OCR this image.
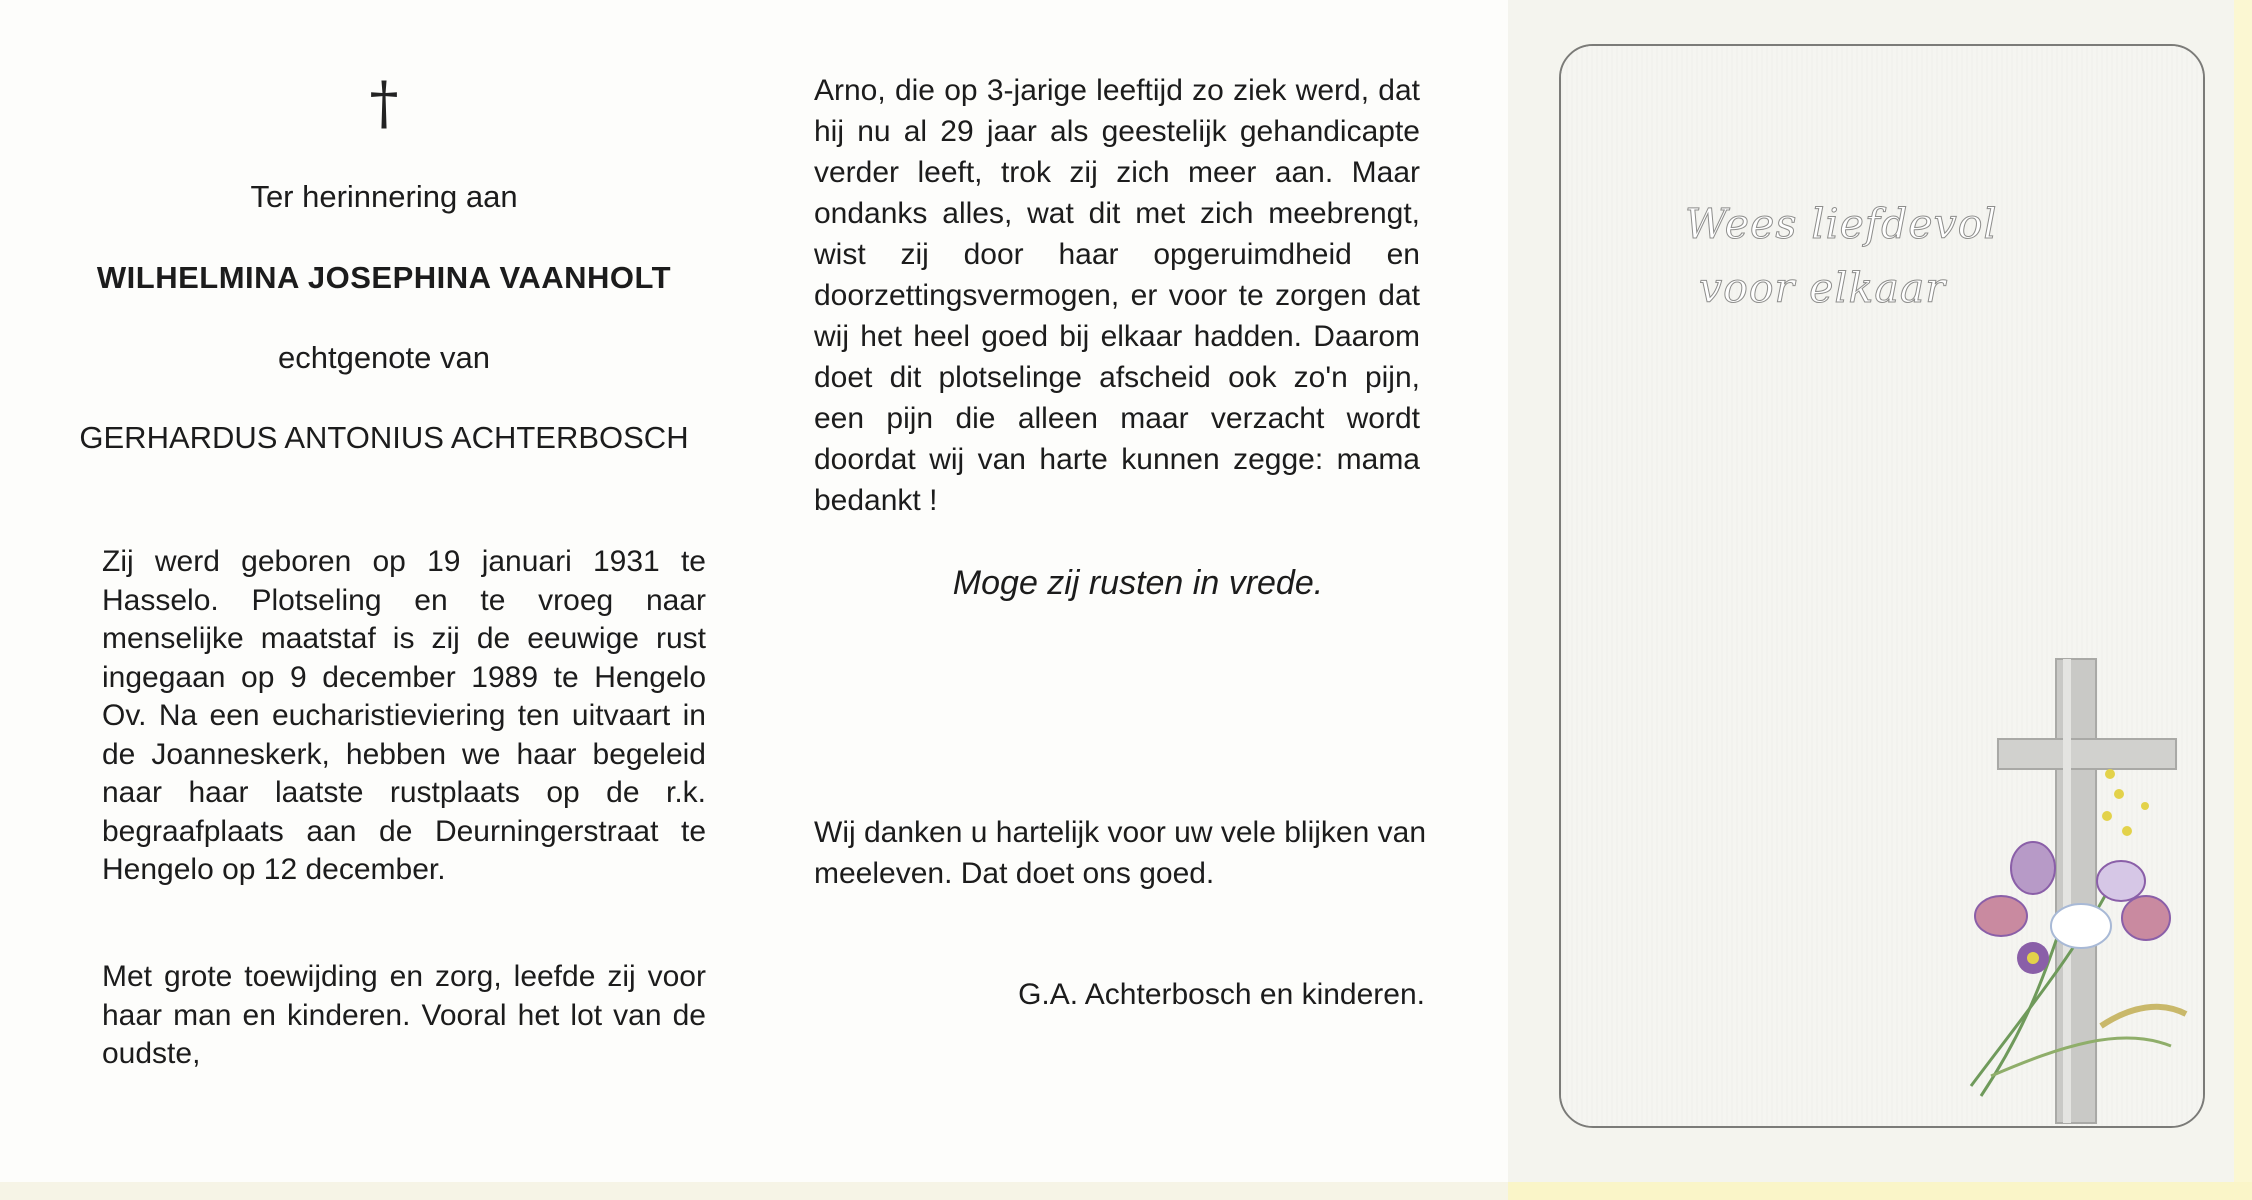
†
Ter herinnering aan
WILHELMINA JOSEPHINA VAANHOLT
echtgenote van
GERHARDUS ANTONIUS ACHTERBOSCH

Zij werd geboren op 19 januari 1931 te Hasselo. Plotseling en te vroeg naar menselijke maatstaf is zij de eeuwige rust ingegaan op 9 december 1989 te Hengelo Ov. Na een eucharistieviering ten uitvaart in de Joanneskerk, hebben we haar begeleid naar haar laatste rustplaats op de r.k. begraafplaats aan de Deurningerstraat te Hengelo op 12 december.

Met grote toewijding en zorg, leefde zij voor haar man en kinderen. Vooral het lot van de oudste,

Arno, die op 3-jarige leeftijd zo ziek werd, dat hij nu al 29 jaar als geestelijk gehandicapte verder leeft, trok zij zich meer aan. Maar ondanks alles, wat dit met zich meebrengt, wist zij door haar opgeruimdheid en doorzettingsvermogen, er voor te zorgen dat wij het heel goed bij elkaar hadden. Daarom doet dit plotselinge afscheid ook zo'n pijn, een pijn die alleen maar verzacht wordt doordat wij van harte kunnen zegge: mama bedankt !

Moge zij rusten in vrede.

Wij danken u hartelijk voor uw vele blijken van meeleven. Dat doet ons goed.

G.A. Achterbosch en kinderen.
Wees liefdevol
voor elkaar
